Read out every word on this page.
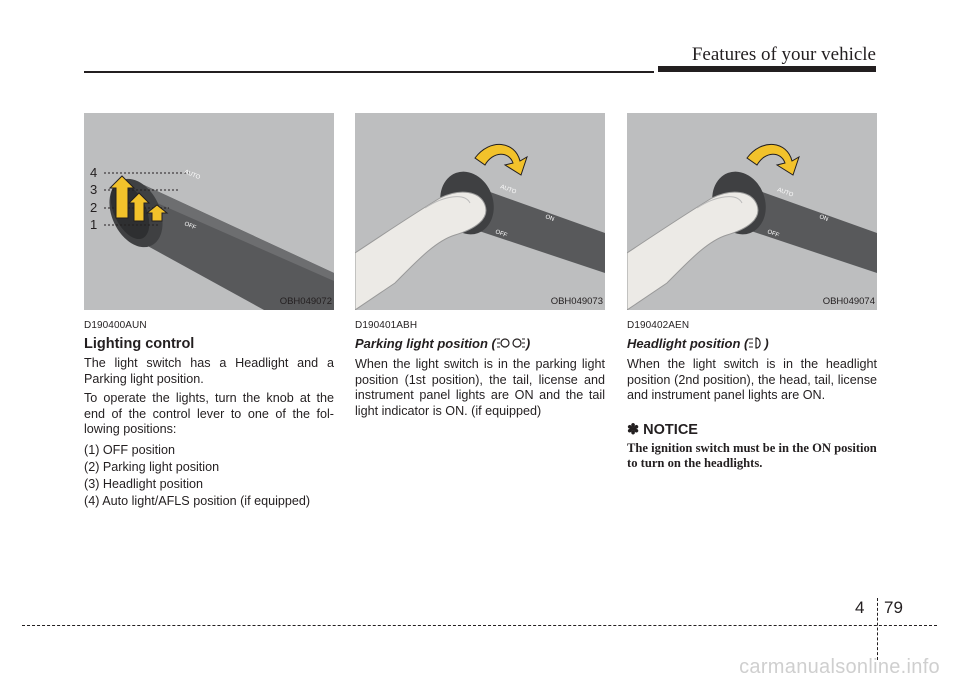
Features of your vehicle
4
3
2
1
AUTO
OFF
OBH049072
D190400AUN
Lighting control
The light switch has a Headlight and a Parking light position.
To operate the lights, turn the knob at the end of the control lever to one of the fol-lowing positions:
(1) OFF position
(2) Parking light position
(3) Headlight position
(4) Auto light/AFLS position (if equipped)
AUTO
ON
OFF
OBH049073
D190401ABH
Parking light position ( )
When the light switch is in the parking light position (1st position), the tail, license and instrument panel lights are ON and the tail light indicator is ON. (if equipped)
AUTO
ON
OFF
OBH049074
D190402AEN
Headlight position ( )
When the light switch is in the headlight position (2nd position), the head, tail, license and instrument panel lights are ON.
✽ NOTICE
The ignition switch must be in the ON position to turn on the headlights.
4 79
carmanualsonline.info
